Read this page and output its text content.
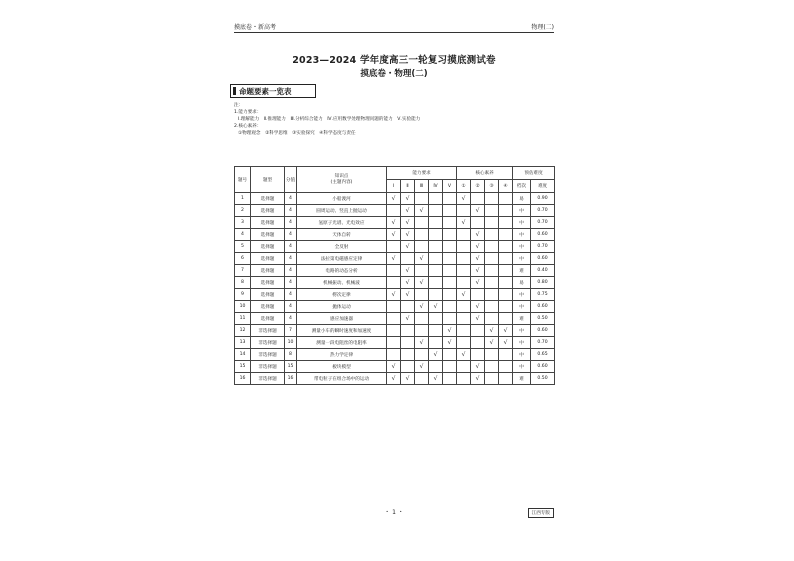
摸底卷・新高考	物理(二)
2023—2024 学年度高三一轮复习摸底测试卷
摸底卷・物理(二)
命题要素一览表
注：
1.能力要求：
Ⅰ.理解能力　Ⅱ.推理能力　Ⅲ.分析综合能力　Ⅳ.应用数学处理物理问题的能力　Ⅴ.实验能力
2.核心素养：
①物理观念　②科学思维　③实验探究　④科学态度与责任
题号	题型	分值	知识点
(主题内容)	能力要求					核心素养				预估难度	
				Ⅰ	Ⅱ	Ⅲ	Ⅳ	Ⅴ	①	②	③	④	档次	难度
1	选择题	4	小船渡河	√	√				√				易	0.90
2	选择题	4	圆周运动、竖直上抛运动		√	√				√			中	0.70
3	选择题	4	氢原子光谱、光电效应	√	√				√				中	0.70
4	选择题	4	天体自转	√	√					√			中	0.60
5	选择题	4	全反射		√					√			中	0.70
6	选择题	4	法拉第电磁感应定律	√		√				√			中	0.60
7	选择题	4	电路的动态分析		√					√			难	0.40
8	选择题	4	机械振动、机械波		√	√				√			易	0.80
9	选择题	4	楞次定律	√	√				√				中	0.75
10	选择题	4	抛体运动			√	√			√			中	0.60
11	选择题	4	感应加速器		√					√			难	0.50
12	非选择题	7	测量小车的瞬时速度和加速度					√			√	√	中	0.60
13	非选择题	10	测量一段电阻丝的电阻率			√		√			√	√	中	0.70
14	非选择题	8	热力学定律				√		√				中	0.65
15	非选择题	15	板块模型	√		√				√			中	0.60
16	非选择题	16	带电粒子在组合场中的运动	√	√		√			√			难	0.50
・ 1 ・	江西专版
